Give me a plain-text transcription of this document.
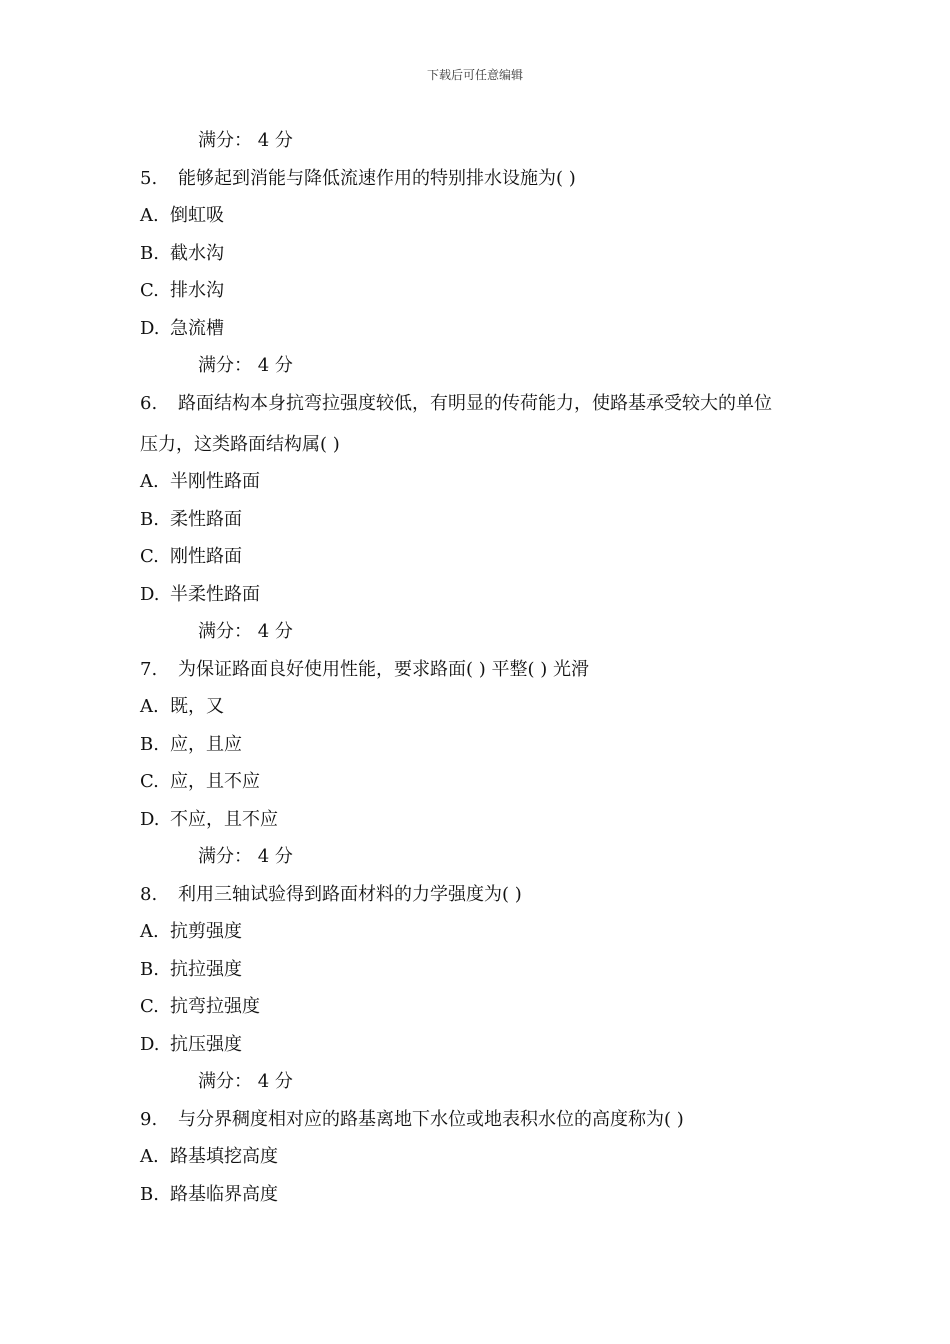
下载后可任意编辑
满分： 4 分
5. 能够起到消能与降低流速作用的特别排水设施为( )
A. 倒虹吸
B. 截水沟
C. 排水沟
D. 急流槽
满分： 4 分
6. 路面结构本身抗弯拉强度较低，有明显的传荷能力，使路基承受较大的单位
压力，这类路面结构属( )
A. 半刚性路面
B. 柔性路面
C. 刚性路面
D. 半柔性路面
满分： 4 分
7. 为保证路面良好使用性能，要求路面( ) 平整( ) 光滑
A. 既，又
B. 应，且应
C. 应，且不应
D. 不应，且不应
满分： 4 分
8. 利用三轴试验得到路面材料的力学强度为( )
A. 抗剪强度
B. 抗拉强度
C. 抗弯拉强度
D. 抗压强度
满分： 4 分
9. 与分界稠度相对应的路基离地下水位或地表积水位的高度称为( )
A. 路基填挖高度
B. 路基临界高度
